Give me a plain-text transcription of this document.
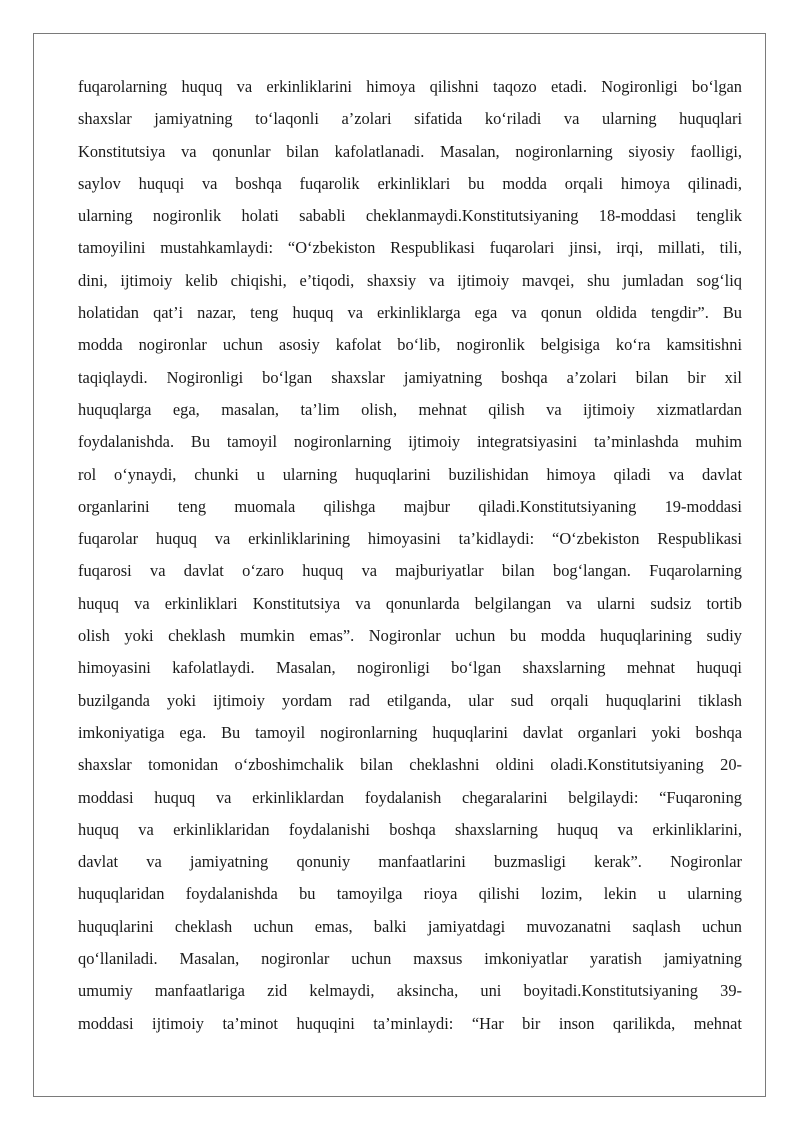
fuqarolarning huquq va erkinliklarini himoya qilishni taqozo etadi. Nogironligi bo‘lgan
shaxslar jamiyatning to‘laqonli a’zolari sifatida ko‘riladi va ularning huquqlari
Konstitutsiya va qonunlar bilan kafolatlanadi. Masalan, nogironlarning siyosiy faolligi,
saylov huquqi va boshqa fuqarolik erkinliklari bu modda orqali himoya qilinadi,
ularning nogironlik holati sababli cheklanmaydi.Konstitutsiyaning 18-moddasi tenglik
tamoyilini mustahkamlaydi: “O‘zbekiston Respublikasi fuqarolari jinsi, irqi, millati, tili,
dini, ijtimoiy kelib chiqishi, e’tiqodi, shaxsiy va ijtimoiy mavqei, shu jumladan sog‘liq
holatidan qat’i nazar, teng huquq va erkinliklarga ega va qonun oldida tengdir”. Bu
modda nogironlar uchun asosiy kafolat bo‘lib, nogironlik belgisiga ko‘ra kamsitishni
taqiqlaydi. Nogironligi bo‘lgan shaxslar jamiyatning boshqa a’zolari bilan bir xil
huquqlarga ega, masalan, ta’lim olish, mehnat qilish va ijtimoiy xizmatlardan
foydalanishda. Bu tamoyil nogironlarning ijtimoiy integratsiyasini ta’minlashda muhim
rol o‘ynaydi, chunki u ularning huquqlarini buzilishidan himoya qiladi va davlat
organlarini teng muomala qilishga majbur qiladi.Konstitutsiyaning 19-moddasi
fuqarolar huquq va erkinliklarining himoyasini ta’kidlaydi: “O‘zbekiston Respublikasi
fuqarosi va davlat o‘zaro huquq va majburiyatlar bilan bog‘langan. Fuqarolarning
huquq va erkinliklari Konstitutsiya va qonunlarda belgilangan va ularni sudsiz tortib
olish yoki cheklash mumkin emas”. Nogironlar uchun bu modda huquqlarining sudiy
himoyasini kafolatlaydi. Masalan, nogironligi bo‘lgan shaxslarning mehnat huquqi
buzilganda yoki ijtimoiy yordam rad etilganda, ular sud orqali huquqlarini tiklash
imkoniyatiga ega. Bu tamoyil nogironlarning huquqlarini davlat organlari yoki boshqa
shaxslar tomonidan o‘zboshimchalik bilan cheklashni oldini oladi.Konstitutsiyaning 20-
moddasi huquq va erkinliklardan foydalanish chegaralarini belgilaydi: “Fuqaroning
huquq va erkinliklaridan foydalanishi boshqa shaxslarning huquq va erkinliklarini,
davlat va jamiyatning qonuniy manfaatlarini buzmasligi kerak”. Nogironlar
huquqlaridan foydalanishda bu tamoyilga rioya qilishi lozim, lekin u ularning
huquqlarini cheklash uchun emas, balki jamiyatdagi muvozanatni saqlash uchun
qo‘llaniladi. Masalan, nogironlar uchun maxsus imkoniyatlar yaratish jamiyatning
umumiy manfaatlariga zid kelmaydi, aksincha, uni boyitadi.Konstitutsiyaning 39-
moddasi ijtimoiy ta’minot huquqini ta’minlaydi: “Har bir inson qarilikda, mehnat
